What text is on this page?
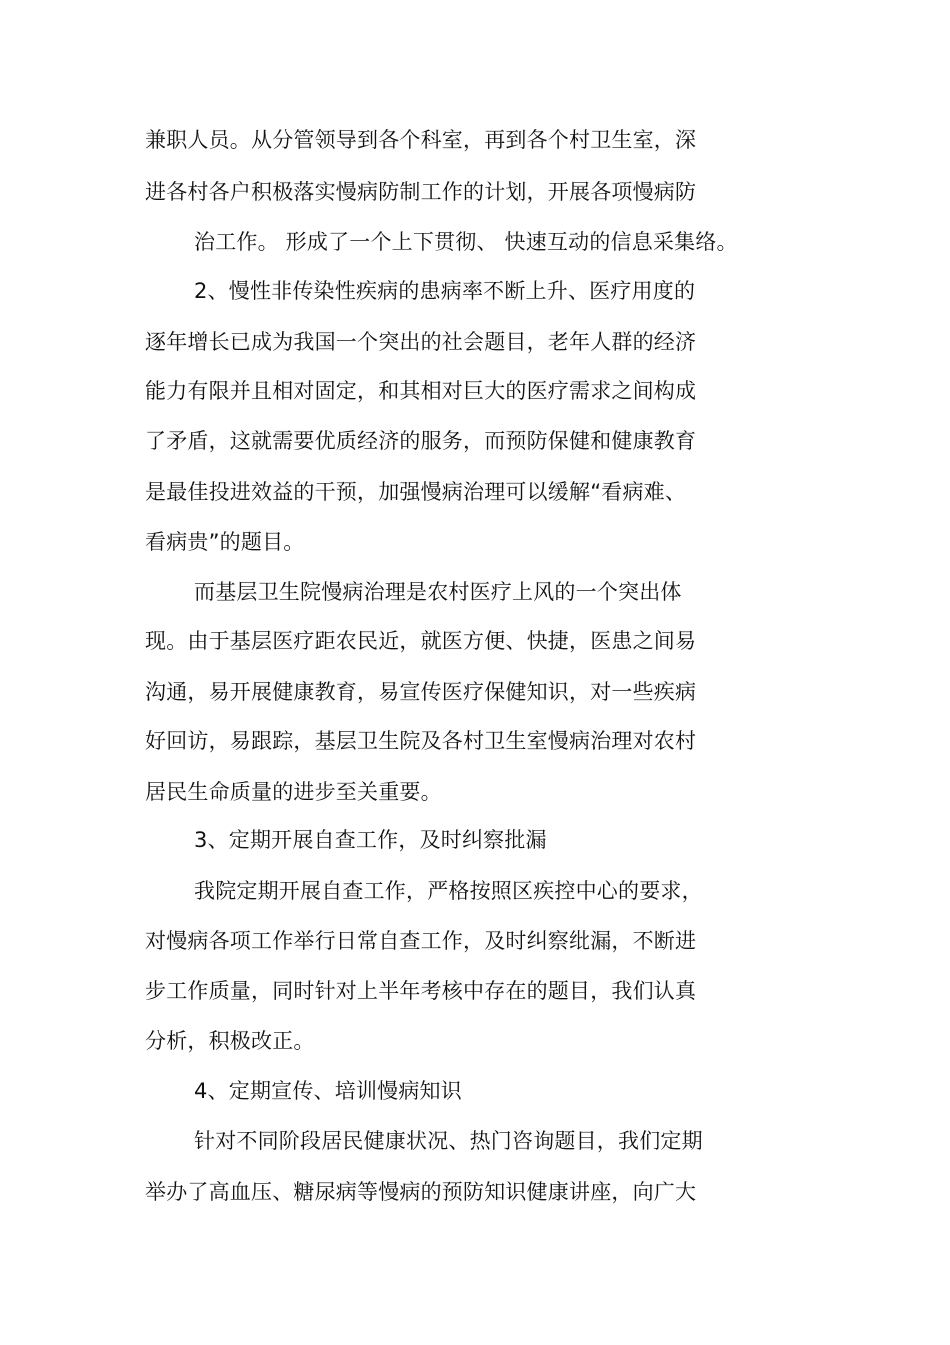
兼职人员。从分管领导到各个科室，再到各个村卫生室，深
进各村各户积极落实慢病防制工作的计划，开展各项慢病防
治工作。 形成了一个上下贯彻、 快速互动的信息采集络。
2、慢性非传染性疾病的患病率不断上升、医疗用度的
逐年增长已成为我国一个突出的社会题目，老年人群的经济
能力有限并且相对固定，和其相对巨大的医疗需求之间构成
了矛盾，这就需要优质经济的服务，而预防保健和健康教育
是最佳投进效益的干预，加强慢病治理可以缓解“看病难、
看病贵”的题目。
而基层卫生院慢病治理是农村医疗上风的一个突出体
现。由于基层医疗距农民近，就医方便、快捷，医患之间易
沟通，易开展健康教育，易宣传医疗保健知识，对一些疾病
好回访，易跟踪，基层卫生院及各村卫生室慢病治理对农村
居民生命质量的进步至关重要。
3、定期开展自查工作，及时纠察批漏
我院定期开展自查工作，严格按照区疾控中心的要求，
对慢病各项工作举行日常自查工作，及时纠察纰漏，不断进
步工作质量，同时针对上半年考核中存在的题目，我们认真
分析，积极改正。
4、定期宣传、培训慢病知识
针对不同阶段居民健康状况、热门咨询题目，我们定期
举办了高血压、糖尿病等慢病的预防知识健康讲座，向广大
